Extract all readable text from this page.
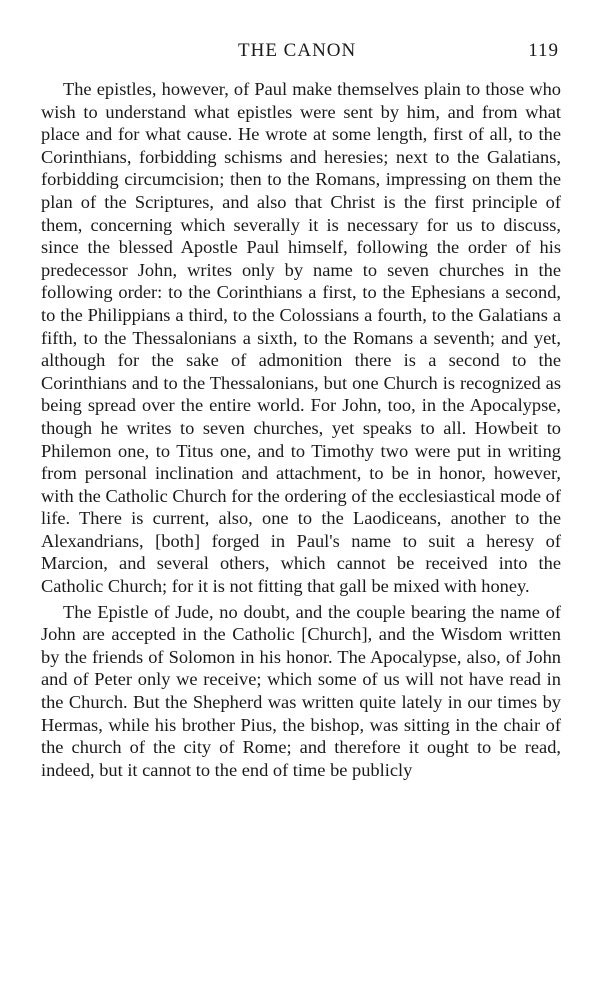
THE CANON	119

The epistles, however, of Paul make themselves plain to those who wish to understand what epistles were sent by him, and from what place and for what cause. He wrote at some length, first of all, to the Corinthians, forbidding schisms and heresies; next to the Galatians, forbidding circumcision; then to the Romans, impressing on them the plan of the Scriptures, and also that Christ is the first principle of them, concerning which severally it is necessary for us to discuss, since the blessed Apostle Paul himself, following the order of his predecessor John, writes only by name to seven churches in the following order: to the Corinthians a first, to the Ephesians a second, to the Philippians a third, to the Colossians a fourth, to the Galatians a fifth, to the Thessalonians a sixth, to the Romans a seventh; and yet, although for the sake of admonition there is a second to the Corinthians and to the Thessalonians, but one Church is recognized as being spread over the entire world. For John, too, in the Apocalypse, though he writes to seven churches, yet speaks to all. Howbeit to Philemon one, to Titus one, and to Timothy two were put in writing from personal inclination and attachment, to be in honor, however, with the Catholic Church for the ordering of the ecclesiastical mode of life. There is current, also, one to the Laodiceans, another to the Alexandrians, [both] forged in Paul's name to suit a heresy of Marcion, and several others, which cannot be received into the Catholic Church; for it is not fitting that gall be mixed with honey.

The Epistle of Jude, no doubt, and the couple bearing the name of John are accepted in the Catholic [Church], and the Wisdom written by the friends of Solomon in his honor. The Apocalypse, also, of John and of Peter only we receive; which some of us will not have read in the Church. But the Shepherd was written quite lately in our times by Hermas, while his brother Pius, the bishop, was sitting in the chair of the church of the city of Rome; and therefore it ought to be read, indeed, but it cannot to the end of time be publicly
